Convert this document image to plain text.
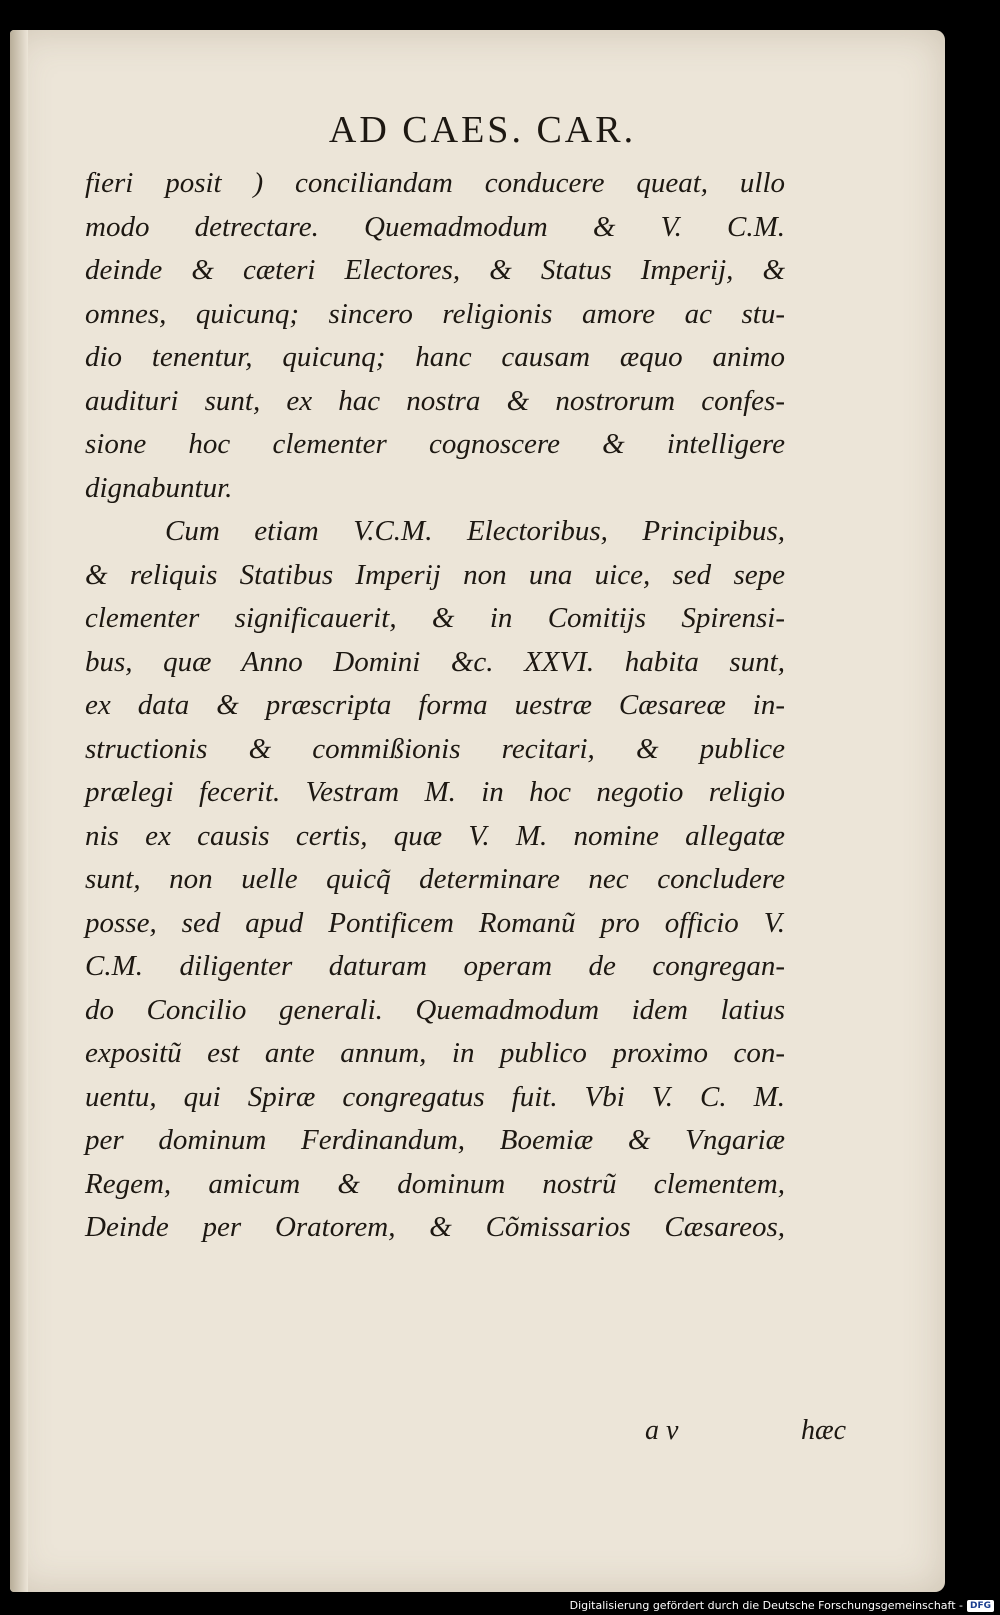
AD CAES. CAR.
fieri posit ) conciliandam conducere queat, ullo
modo detrectare. Quemadmodum & V. C.M.
deinde & cæteri Electores, & Status Imperij, &
omnes, quicunq; sincero religionis amore ac stu-
dio tenentur, quicunq; hanc causam æquo animo
audituri sunt, ex hac nostra & nostrorum confes-
sione hoc clementer cognoscere & intelligere
dignabuntur.
Cum etiam V.C.M. Electoribus, Principibus,
& reliquis Statibus Imperij non una uice, sed sepe
clementer significauerit, & in Comitijs Spirensi-
bus, quæ Anno Domini &c. XXVI. habita sunt,
ex data & præscripta forma uestræ Cæsareæ in-
structionis & commißionis recitari, & publice
prælegi fecerit. Vestram M. in hoc negotio religio
nis ex causis certis, quæ V. M. nomine allegatæ
sunt, non uelle quicq̃ determinare nec concludere
posse, sed apud Pontificem Romanũ pro officio V.
C.M. diligenter daturam operam de congregan-
do Concilio generali. Quemadmodum idem latius
expositũ est ante annum, in publico proximo con-
uentu, qui Spiræ congregatus fuit. Vbi V. C. M.
per dominum Ferdinandum, Boemiæ & Vngariæ
Regem, amicum & dominum nostrũ clementem,
Deinde per Oratorem, & Cõmissarios Cæsareos,
a v	hæc
Digitalisierung gefördert durch die Deutsche Forschungsgemeinschaft - DFG
